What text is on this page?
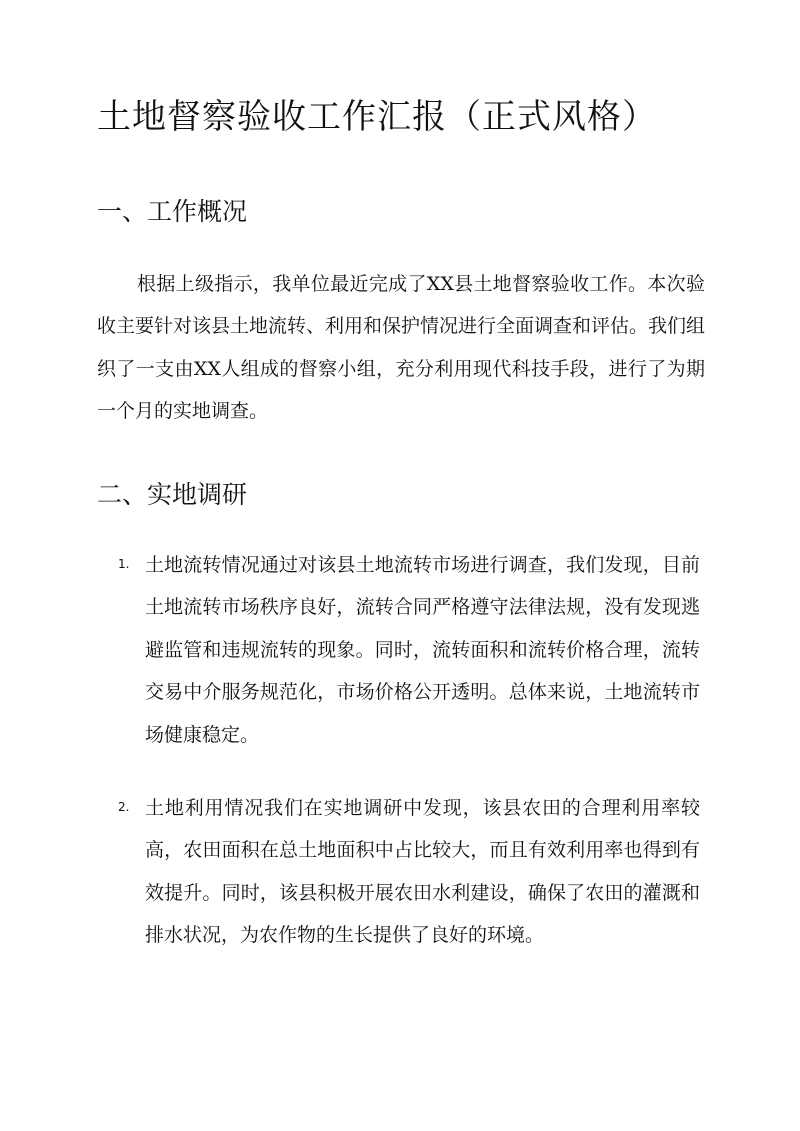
土地督察验收工作汇报（正式风格）
一、工作概况

根据上级指示，我单位最近完成了XX县土地督察验收工作。本次验收主要针对该县土地流转、利用和保护情况进行全面调查和评估。我们组织了一支由XX人组成的督察小组，充分利用现代科技手段，进行了为期一个月的实地调查。

二、实地调研
1. 土地流转情况通过对该县土地流转市场进行调查，我们发现，目前土地流转市场秩序良好，流转合同严格遵守法律法规，没有发现逃避监管和违规流转的现象。同时，流转面积和流转价格合理，流转交易中介服务规范化，市场价格公开透明。总体来说，土地流转市场健康稳定。
2. 土地利用情况我们在实地调研中发现，该县农田的合理利用率较高，农田面积在总土地面积中占比较大，而且有效利用率也得到有效提升。同时，该县积极开展农田水利建设，确保了农田的灌溉和排水状况，为农作物的生长提供了良好的环境。
